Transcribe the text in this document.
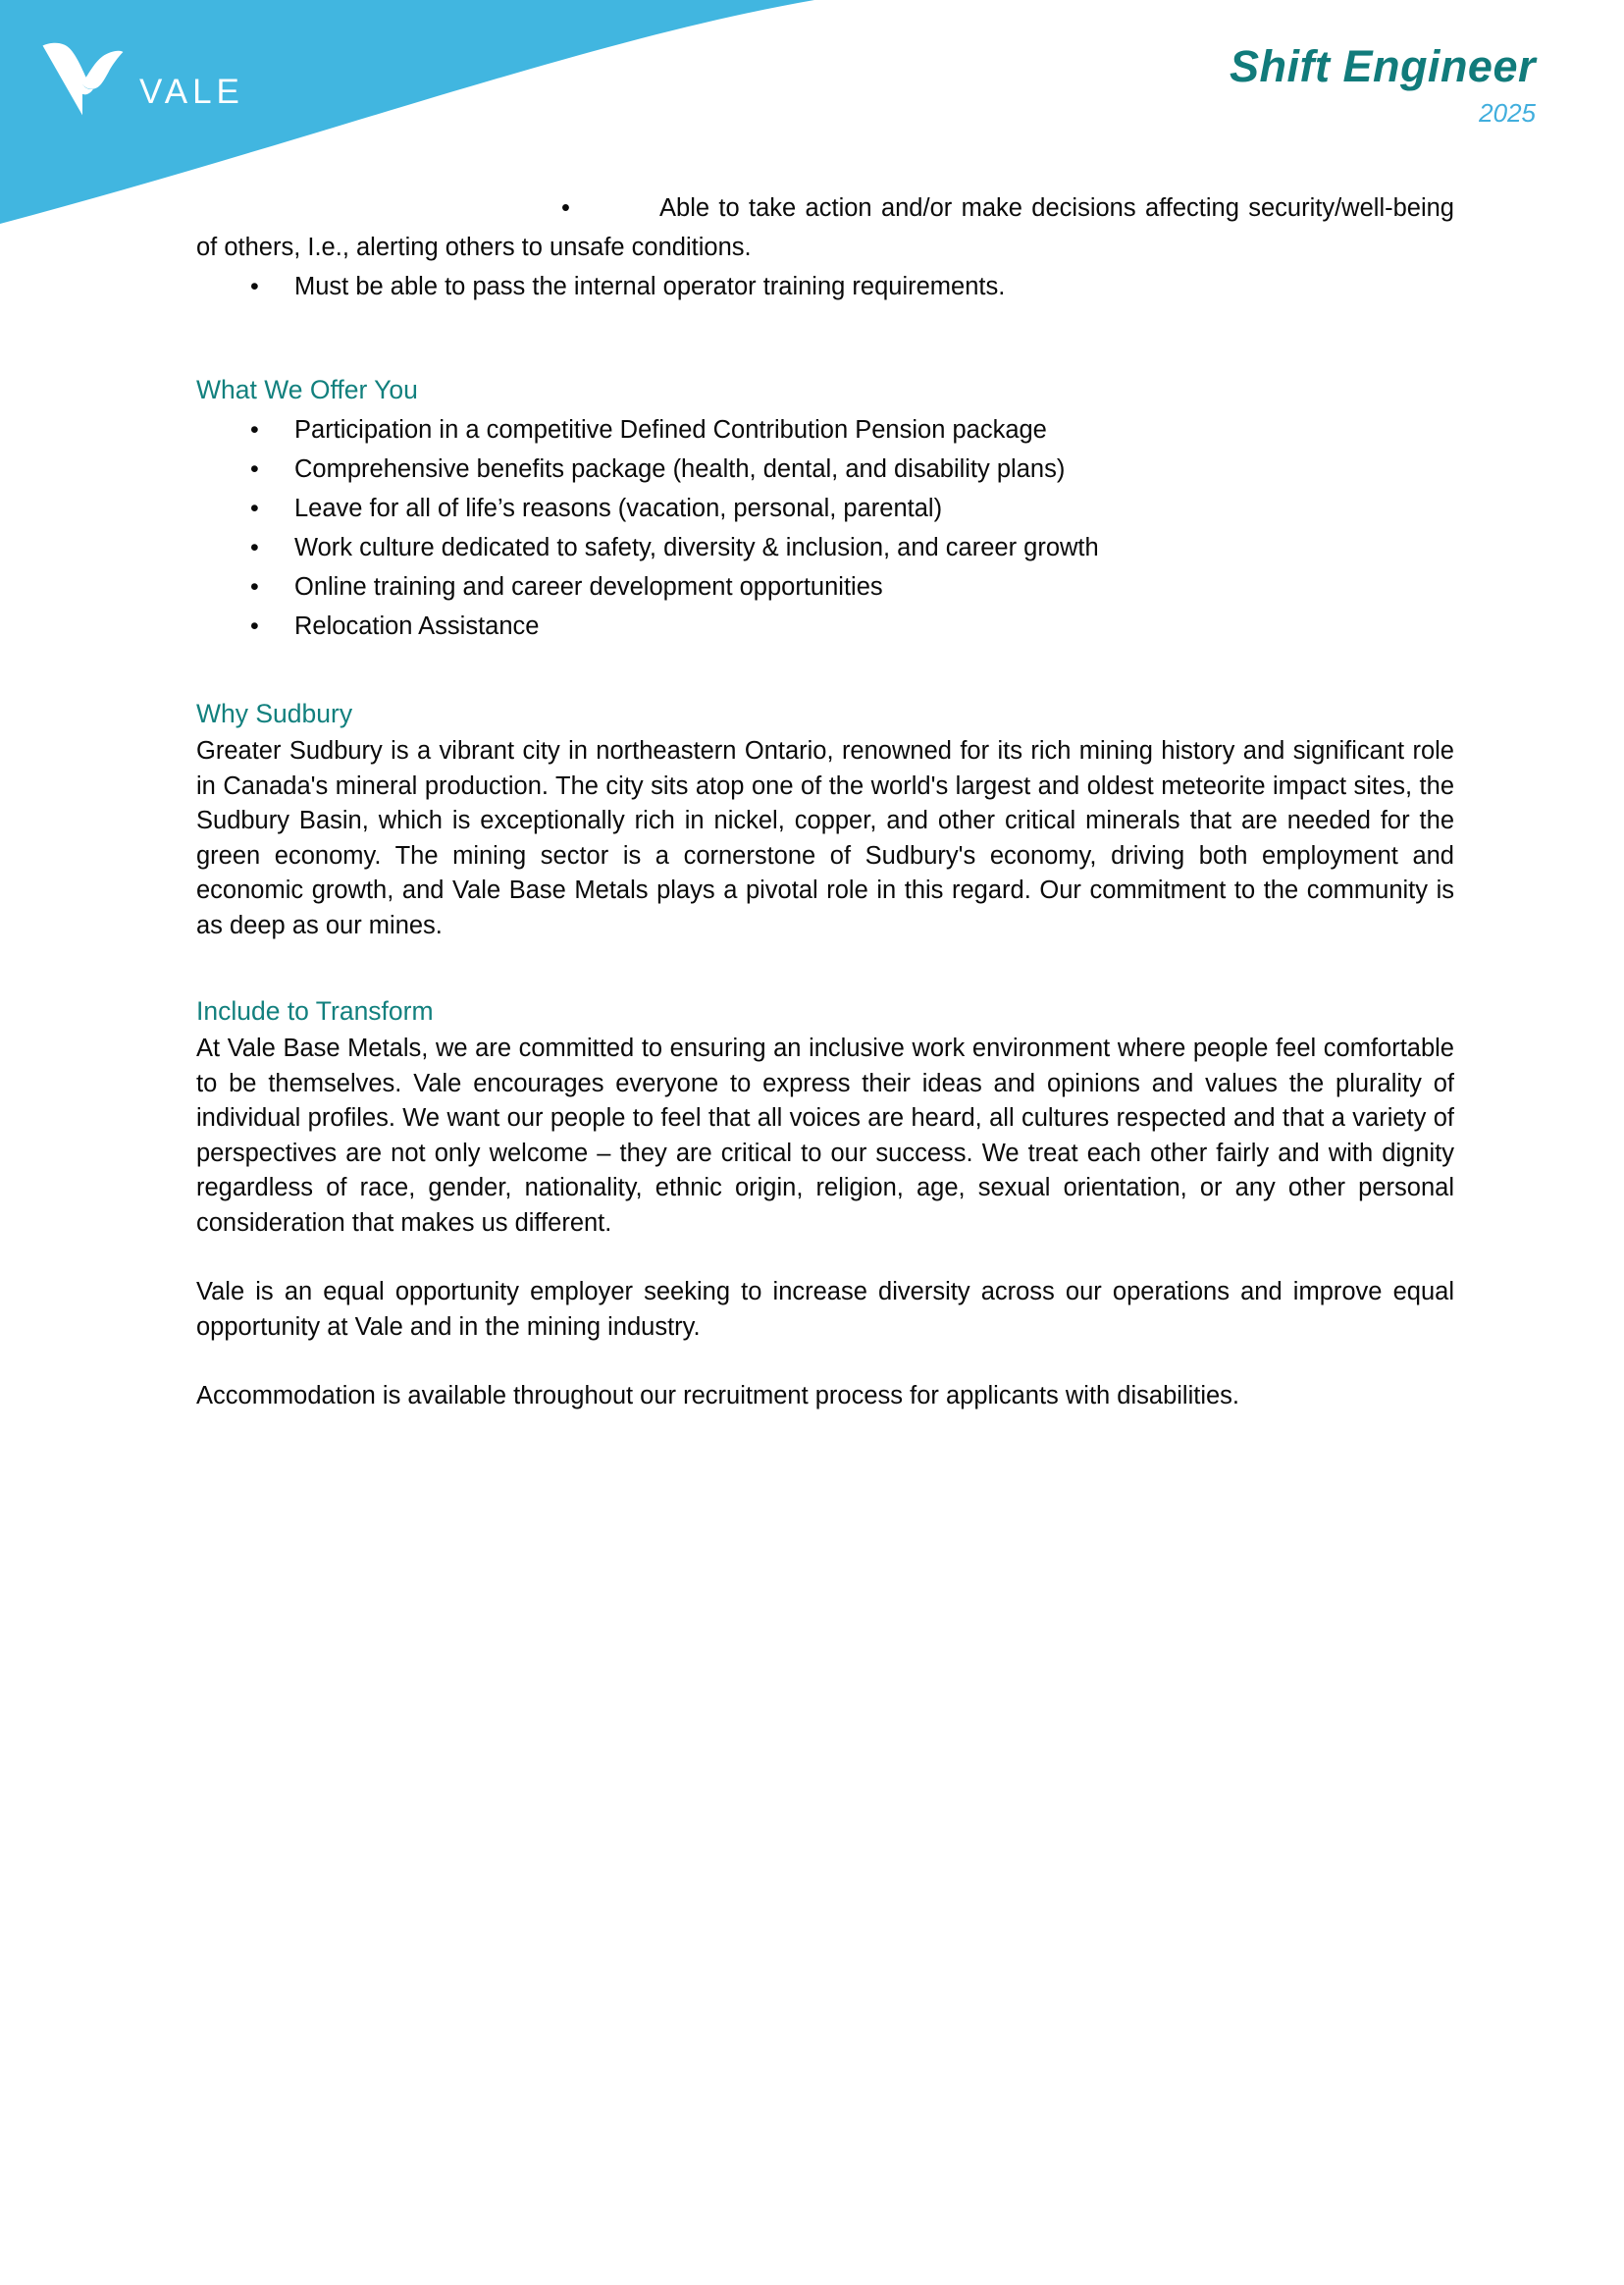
VALE
Shift Engineer
2025
•	Able to take action and/or make decisions affecting security/well-being of others, I.e., alerting others to unsafe conditions.
• Must be able to pass the internal operator training requirements.
What We Offer You
• Participation in a competitive Defined Contribution Pension package
• Comprehensive benefits package (health, dental, and disability plans)
• Leave for all of life’s reasons (vacation, personal, parental)
• Work culture dedicated to safety, diversity & inclusion, and career growth
• Online training and career development opportunities
• Relocation Assistance
Why Sudbury

Greater Sudbury is a vibrant city in northeastern Ontario, renowned for its rich mining history and significant role in Canada's mineral production. The city sits atop one of the world's largest and oldest meteorite impact sites, the Sudbury Basin, which is exceptionally rich in nickel, copper, and other critical minerals that are needed for the green economy. The mining sector is a cornerstone of Sudbury's economy, driving both employment and economic growth, and Vale Base Metals plays a pivotal role in this regard. Our commitment to the community is as deep as our mines.

Include to Transform

At Vale Base Metals, we are committed to ensuring an inclusive work environment where people feel comfortable to be themselves. Vale encourages everyone to express their ideas and opinions and values the plurality of individual profiles. We want our people to feel that all voices are heard, all cultures respected and that a variety of perspectives are not only welcome – they are critical to our success. We treat each other fairly and with dignity regardless of race, gender, nationality, ethnic origin, religion, age, sexual orientation, or any other personal consideration that makes us different.

Vale is an equal opportunity employer seeking to increase diversity across our operations and improve equal opportunity at Vale and in the mining industry.

Accommodation is available throughout our recruitment process for applicants with disabilities.
